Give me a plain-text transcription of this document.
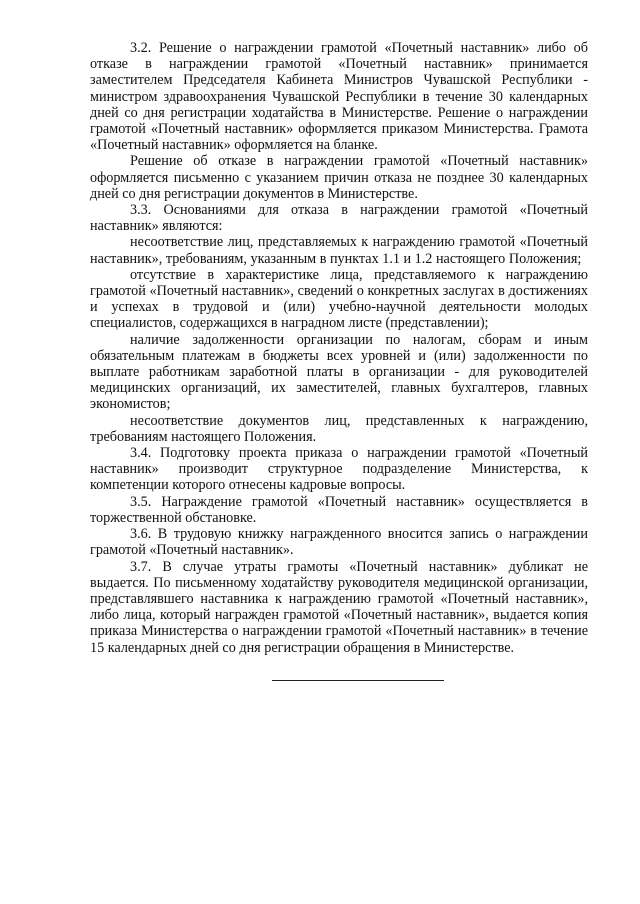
3.2. Решение о награждении грамотой «Почетный наставник» либо об отказе в награждении грамотой «Почетный наставник» принимается заместителем Председателя Кабинета Министров Чувашской Республики - министром здравоохранения Чувашской Республики в течение 30 календарных дней со дня регистрации ходатайства в Министерстве. Решение о награждении грамотой «Почетный наставник» оформляется приказом Министерства. Грамота «Почетный наставник» оформляется на бланке.

Решение об отказе в награждении грамотой «Почетный наставник» оформляется письменно с указанием причин отказа не позднее 30 календарных дней со дня регистрации документов в Министерстве.

3.3. Основаниями для отказа в награждении грамотой «Почетный наставник» являются:

несоответствие лиц, представляемых к награждению грамотой «Почетный наставник», требованиям, указанным в пунктах 1.1 и 1.2 настоящего Положения;

отсутствие в характеристике лица, представляемого к награждению грамотой «Почетный наставник», сведений о конкретных заслугах в достижениях и успехах в трудовой и (или) учебно-научной деятельности молодых специалистов, содержащихся в наградном листе (представлении);

наличие задолженности организации по налогам, сборам и иным обязательным платежам в бюджеты всех уровней и (или) задолженности по выплате работникам заработной платы в организации - для руководителей медицинских организаций, их заместителей, главных бухгалтеров, главных экономистов;

несоответствие документов лиц, представленных к награждению, требованиям настоящего Положения.

3.4. Подготовку проекта приказа о награждении грамотой «Почетный наставник» производит структурное подразделение Министерства, к компетенции которого отнесены кадровые вопросы.

3.5. Награждение грамотой «Почетный наставник» осуществляется в торжественной обстановке.

3.6. В трудовую книжку награжденного вносится запись о награждении грамотой «Почетный наставник».

3.7. В случае утраты грамоты «Почетный наставник» дубликат не выдается. По письменному ходатайству руководителя медицинской организации, представлявшего наставника к награждению грамотой «Почетный наставник», либо лица, который награжден грамотой «Почетный наставник», выдается копия приказа Министерства о награждении грамотой «Почетный наставник» в течение 15 календарных дней со дня регистрации обращения в Министерстве.
